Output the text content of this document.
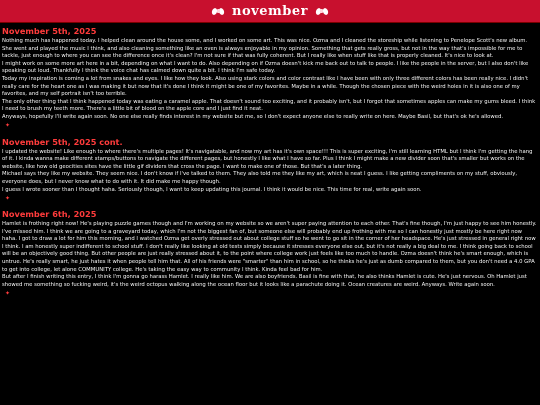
november
November 5th, 2025

Nothing much has happened today. I helped clean around the house some, and I worked on some art. This was nice. Ozma and I cleaned the storeship while listening to Penelope Scott's new album. She went and played the music I think, and also cleaning something like an oven is always enjoyable in my opinion. Something that gets really gross, but not in the way that's impossible for me to tackle, just enough to where you can see the difference once it's clean? I'm not sure if that was fully coherent. But I really like when stuff like that is properly cleaned. It's nice to look at.

I might work on some more art here in a bit, depending on what I want to do. Also depending on if Ozma doesn't kick me back out to talk to people. I like the people in the server, but I also don't like speaking out loud. Thankfully I think the voice chat has calmed down quite a bit. I think I'm safe today.

Today my inspiration is coming a lot from snakes and eyes. I like how they look. Also using stark colors and color contrast like I have been with only three different colors has been really nice. I didn't really care for the heart one as I was making it but now that it's done I think it might be one of my favorites. Maybe in a while. Though the chosen piece with the weird holes in it is also one of my favorites, and my self portrait isn't too terrible.

The only other thing that I think happened today was eating a caramel apple. That doesn't sound too exciting, and it probably isn't, but I forgot that sometimes apples can make my gums bleed. I think I need to brush my teeth more. There's a little bit of blood on the apple core and I just find it neat.

Anyways, hopefully I'll write again soon. No one else really finds interest in my website but me, so I don't expect anyone else to really write on here. Maybe Basil, but that's ok he's allowed.

✦
November 5th, 2025 cont.

I updated the website! Like enough to where there's multiple pages! It's navigatable, and now my art has it's own space!!! This is super exciting, I'm still learning HTML but I think I'm getting the hang of it. I kinda wanna make different stamps/buttons to navigate the different pages, but honestly I like what I have so far. Plus I think I might make a new divider soon that's smaller but works on the website, like how old geocities sites have the little gif dividers that cross the page. I want to make one of those. But that's a later thing.

Michael says they like my website. They seem nice. I don't know if I've talked to them. They also told me they like my art, which is neat I guess. I like getting compliments on my stuff, obviously, everyone does, but I never know what to do with it. It did make me happy though.

I guess I wrote sooner than I thought haha. Seriously though, I want to keep updating this journal. I think it would be nice. This time for real, write again soon.

✦
November 6th, 2025

Hamlet is frothing right now! He's playing puzzle games though and I'm working on my website so we aren't super paying attention to each other. That's fine though, I'm just happy to see him honestly. I've missed him. I think we are going to a graveyard today, which I'm not the biggest fan of, but someone else will probably end up frothing with me so I can honestly just mostly be here right now haha. I got to draw a lot for him this morning, and I watched Ozma get overly stressed out about college stuff so he went to go sit in the corner of her headspace. He's just stressed in general right now I think. I am honestly super indifferent to school stuff. I don't really like looking at old tests simply because it stresses everyone else out, but it's not really a big deal to me. I think going back to school will be an objectively good thing. But other people are just really stressed about it, to the point where college work just feels like too much to handle. Ozma doesn't think he's smart enough, which is untrue. He's really smart, he just hates it when people tell him that. All of his friends were "smarter" than him in school, so he thinks he's just as dumb compared to them, but you don't need a 4.0 GPA to get into college, let alone COMMUNITY college. He's taking the easy way to community I think. Kinda feel bad for him.

But after I finish writing this entry, I think I'm gonna go harass Hamlet. I really like him. We are also boyfriends. Basil is fine with that, he also thinks Hamlet is cute. He's just nervous. Oh Hamlet just showed me something so fucking weird, it's the weird octopus walking along the ocean floor but it looks like a parachute doing it. Ocean creatures are weird. Anyways. Write again soon.

✦
